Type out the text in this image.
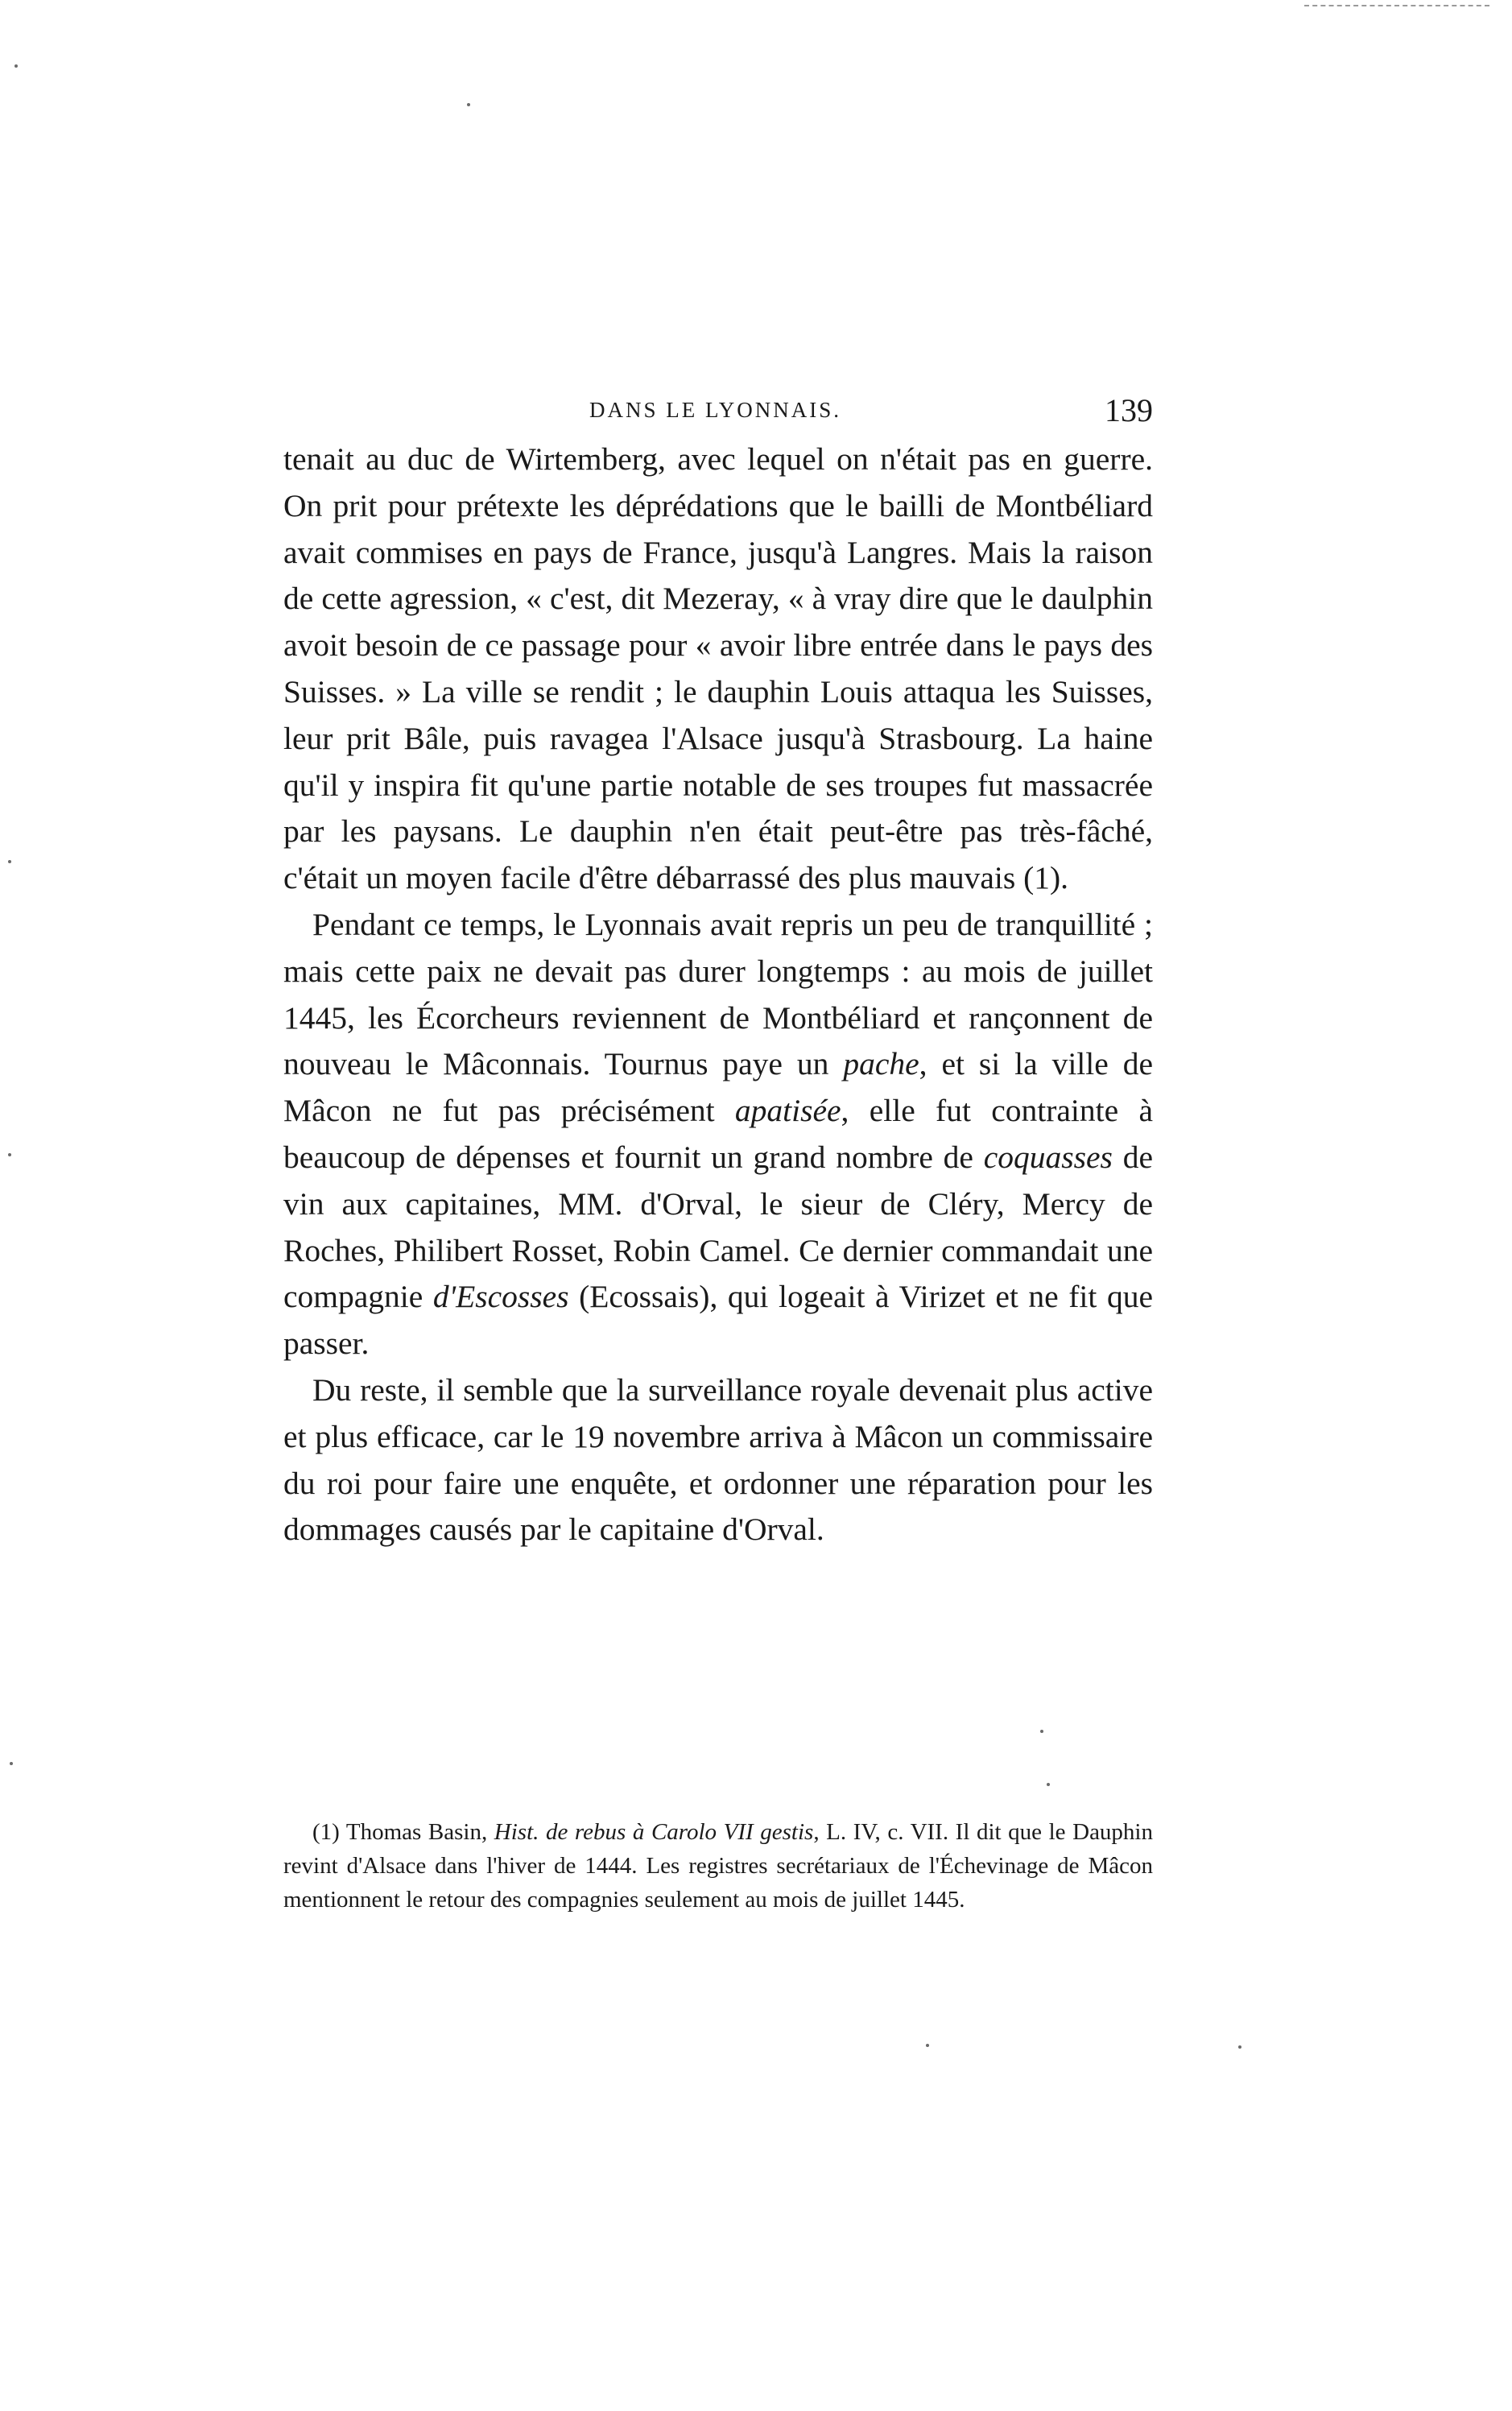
DANS LE LYONNAIS.	139

tenait au duc de Wirtemberg, avec lequel on n'était pas en guerre. On prit pour prétexte les déprédations que le bailli de Montbéliard avait commises en pays de France, jusqu'à Langres. Mais la raison de cette agression, « c'est, dit Mezeray, « à vray dire que le daulphin avoit besoin de ce passage pour « avoir libre entrée dans le pays des Suisses. » La ville se rendit ; le dauphin Louis attaqua les Suisses, leur prit Bâle, puis ravagea l'Alsace jusqu'à Strasbourg. La haine qu'il y inspira fit qu'une partie notable de ses troupes fut massacrée par les paysans. Le dauphin n'en était peut-être pas très-fâché, c'était un moyen facile d'être débarrassé des plus mauvais (1).

Pendant ce temps, le Lyonnais avait repris un peu de tranquillité ; mais cette paix ne devait pas durer longtemps : au mois de juillet 1445, les Écorcheurs reviennent de Montbéliard et rançonnent de nouveau le Mâconnais. Tournus paye un pache, et si la ville de Mâcon ne fut pas précisément apatisée, elle fut contrainte à beaucoup de dépenses et fournit un grand nombre de coquasses de vin aux capitaines, MM. d'Orval, le sieur de Cléry, Mercy de Roches, Philibert Rosset, Robin Camel. Ce dernier commandait une compagnie d'Escosses (Ecossais), qui logeait à Virizet et ne fit que passer.

Du reste, il semble que la surveillance royale devenait plus active et plus efficace, car le 19 novembre arriva à Mâcon un commissaire du roi pour faire une enquête, et ordonner une réparation pour les dommages causés par le capitaine d'Orval.

(1) Thomas Basin, Hist. de rebus à Carolo VII gestis, L. IV, c. VII. Il dit que le Dauphin revint d'Alsace dans l'hiver de 1444. Les registres secrétariaux de l'Échevinage de Mâcon mentionnent le retour des compagnies seulement au mois de juillet 1445.
